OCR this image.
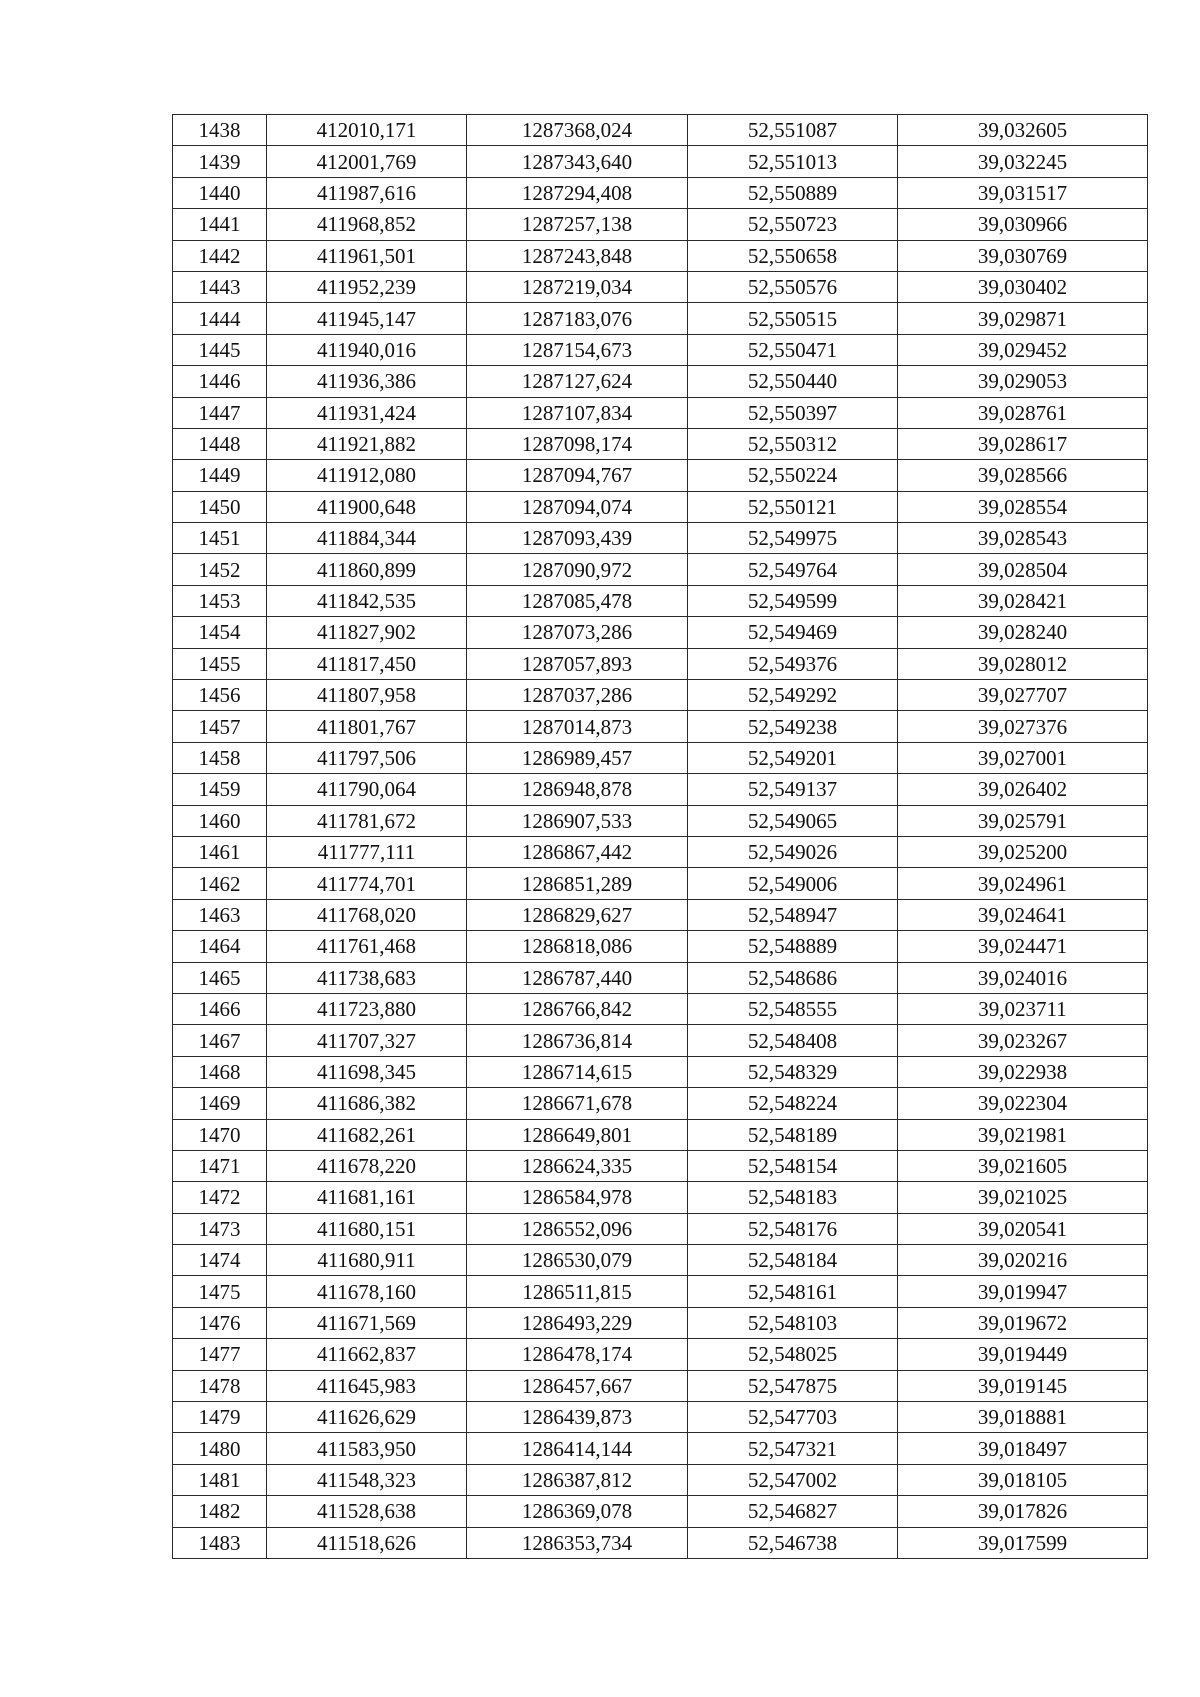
1438	412010,171	1287368,024	52,551087	39,032605
1439	412001,769	1287343,640	52,551013	39,032245
1440	411987,616	1287294,408	52,550889	39,031517
1441	411968,852	1287257,138	52,550723	39,030966
1442	411961,501	1287243,848	52,550658	39,030769
1443	411952,239	1287219,034	52,550576	39,030402
1444	411945,147	1287183,076	52,550515	39,029871
1445	411940,016	1287154,673	52,550471	39,029452
1446	411936,386	1287127,624	52,550440	39,029053
1447	411931,424	1287107,834	52,550397	39,028761
1448	411921,882	1287098,174	52,550312	39,028617
1449	411912,080	1287094,767	52,550224	39,028566
1450	411900,648	1287094,074	52,550121	39,028554
1451	411884,344	1287093,439	52,549975	39,028543
1452	411860,899	1287090,972	52,549764	39,028504
1453	411842,535	1287085,478	52,549599	39,028421
1454	411827,902	1287073,286	52,549469	39,028240
1455	411817,450	1287057,893	52,549376	39,028012
1456	411807,958	1287037,286	52,549292	39,027707
1457	411801,767	1287014,873	52,549238	39,027376
1458	411797,506	1286989,457	52,549201	39,027001
1459	411790,064	1286948,878	52,549137	39,026402
1460	411781,672	1286907,533	52,549065	39,025791
1461	411777,111	1286867,442	52,549026	39,025200
1462	411774,701	1286851,289	52,549006	39,024961
1463	411768,020	1286829,627	52,548947	39,024641
1464	411761,468	1286818,086	52,548889	39,024471
1465	411738,683	1286787,440	52,548686	39,024016
1466	411723,880	1286766,842	52,548555	39,023711
1467	411707,327	1286736,814	52,548408	39,023267
1468	411698,345	1286714,615	52,548329	39,022938
1469	411686,382	1286671,678	52,548224	39,022304
1470	411682,261	1286649,801	52,548189	39,021981
1471	411678,220	1286624,335	52,548154	39,021605
1472	411681,161	1286584,978	52,548183	39,021025
1473	411680,151	1286552,096	52,548176	39,020541
1474	411680,911	1286530,079	52,548184	39,020216
1475	411678,160	1286511,815	52,548161	39,019947
1476	411671,569	1286493,229	52,548103	39,019672
1477	411662,837	1286478,174	52,548025	39,019449
1478	411645,983	1286457,667	52,547875	39,019145
1479	411626,629	1286439,873	52,547703	39,018881
1480	411583,950	1286414,144	52,547321	39,018497
1481	411548,323	1286387,812	52,547002	39,018105
1482	411528,638	1286369,078	52,546827	39,017826
1483	411518,626	1286353,734	52,546738	39,017599
